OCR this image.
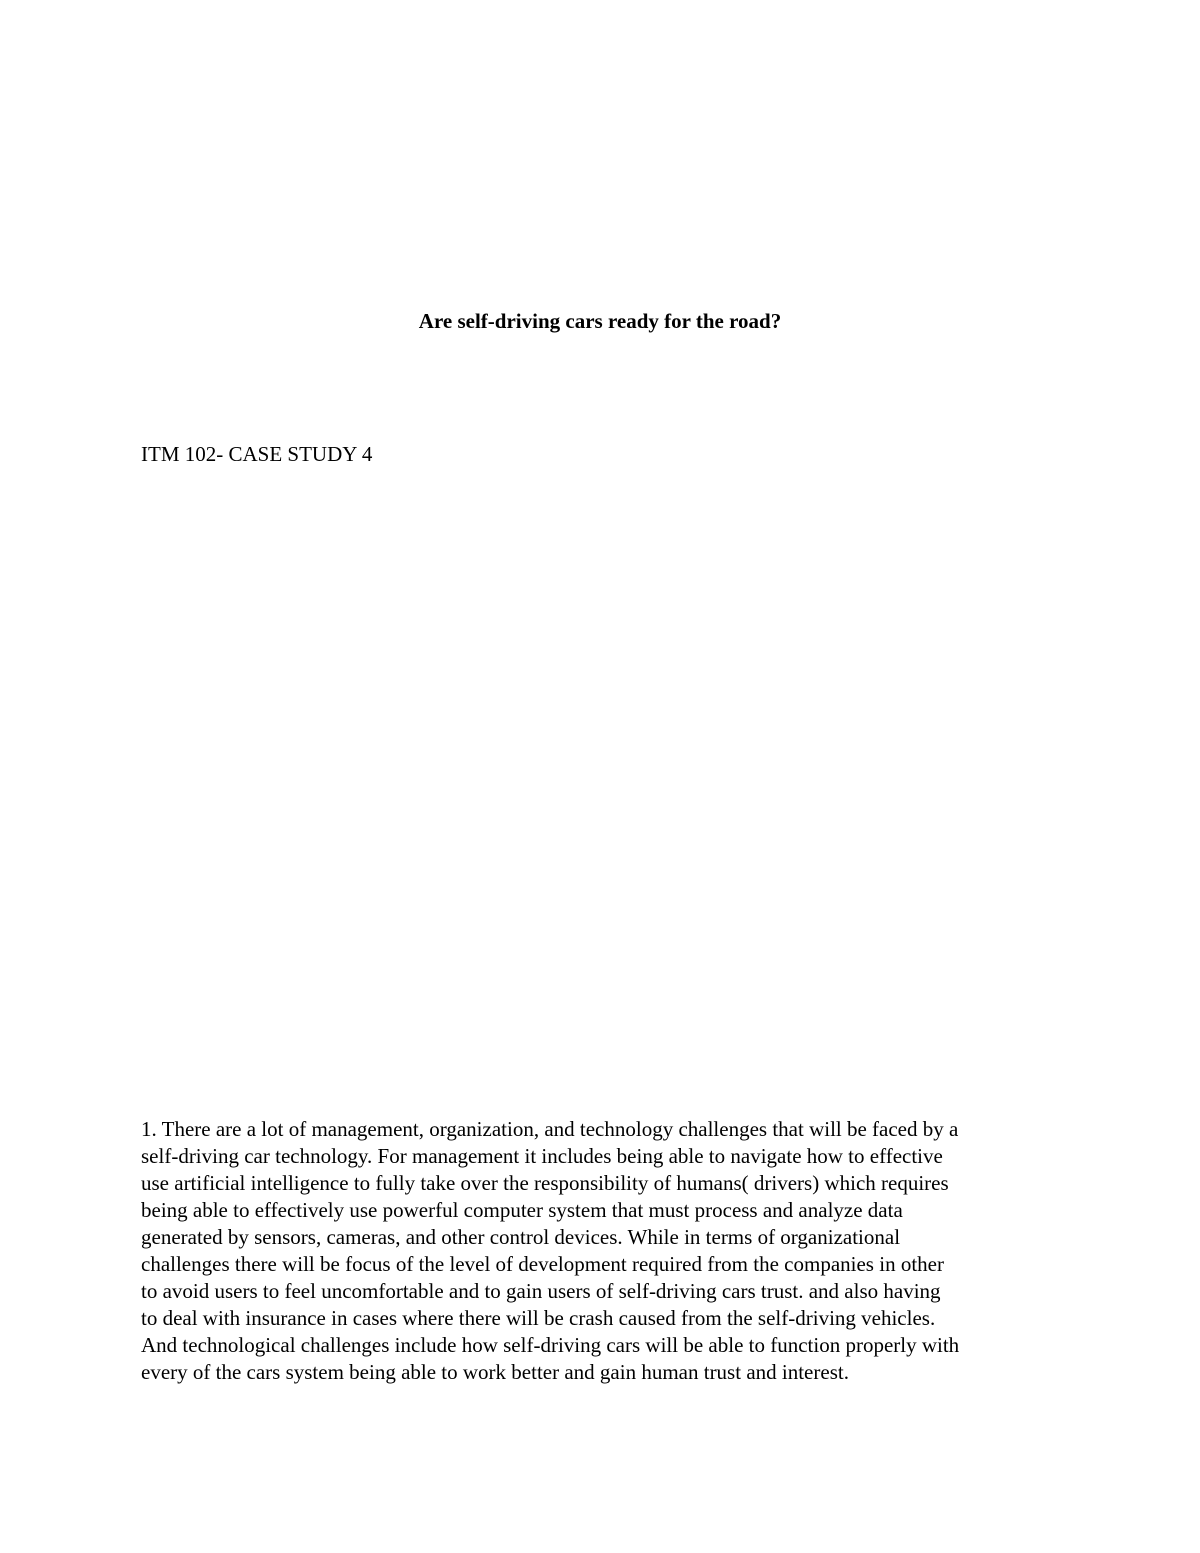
Are self-driving cars ready for the road?

ITM 102- CASE STUDY 4

1. There are a lot of management, organization, and technology challenges that will be faced by a
self-driving car technology. For management it includes being able to navigate how to effective
use artificial intelligence to fully take over the responsibility of humans( drivers) which requires
being able to effectively use powerful computer system that must process and analyze data
generated by sensors, cameras, and other control devices. While in terms of organizational
challenges there will be focus of the level of development required from the companies in other
to avoid users to feel uncomfortable and to gain users of self-driving cars trust. and also having
to deal with insurance in cases where there will be crash caused from the self-driving vehicles.
And technological challenges include how self-driving cars will be able to function properly with
every of the cars system being able to work better and gain human trust and interest.
